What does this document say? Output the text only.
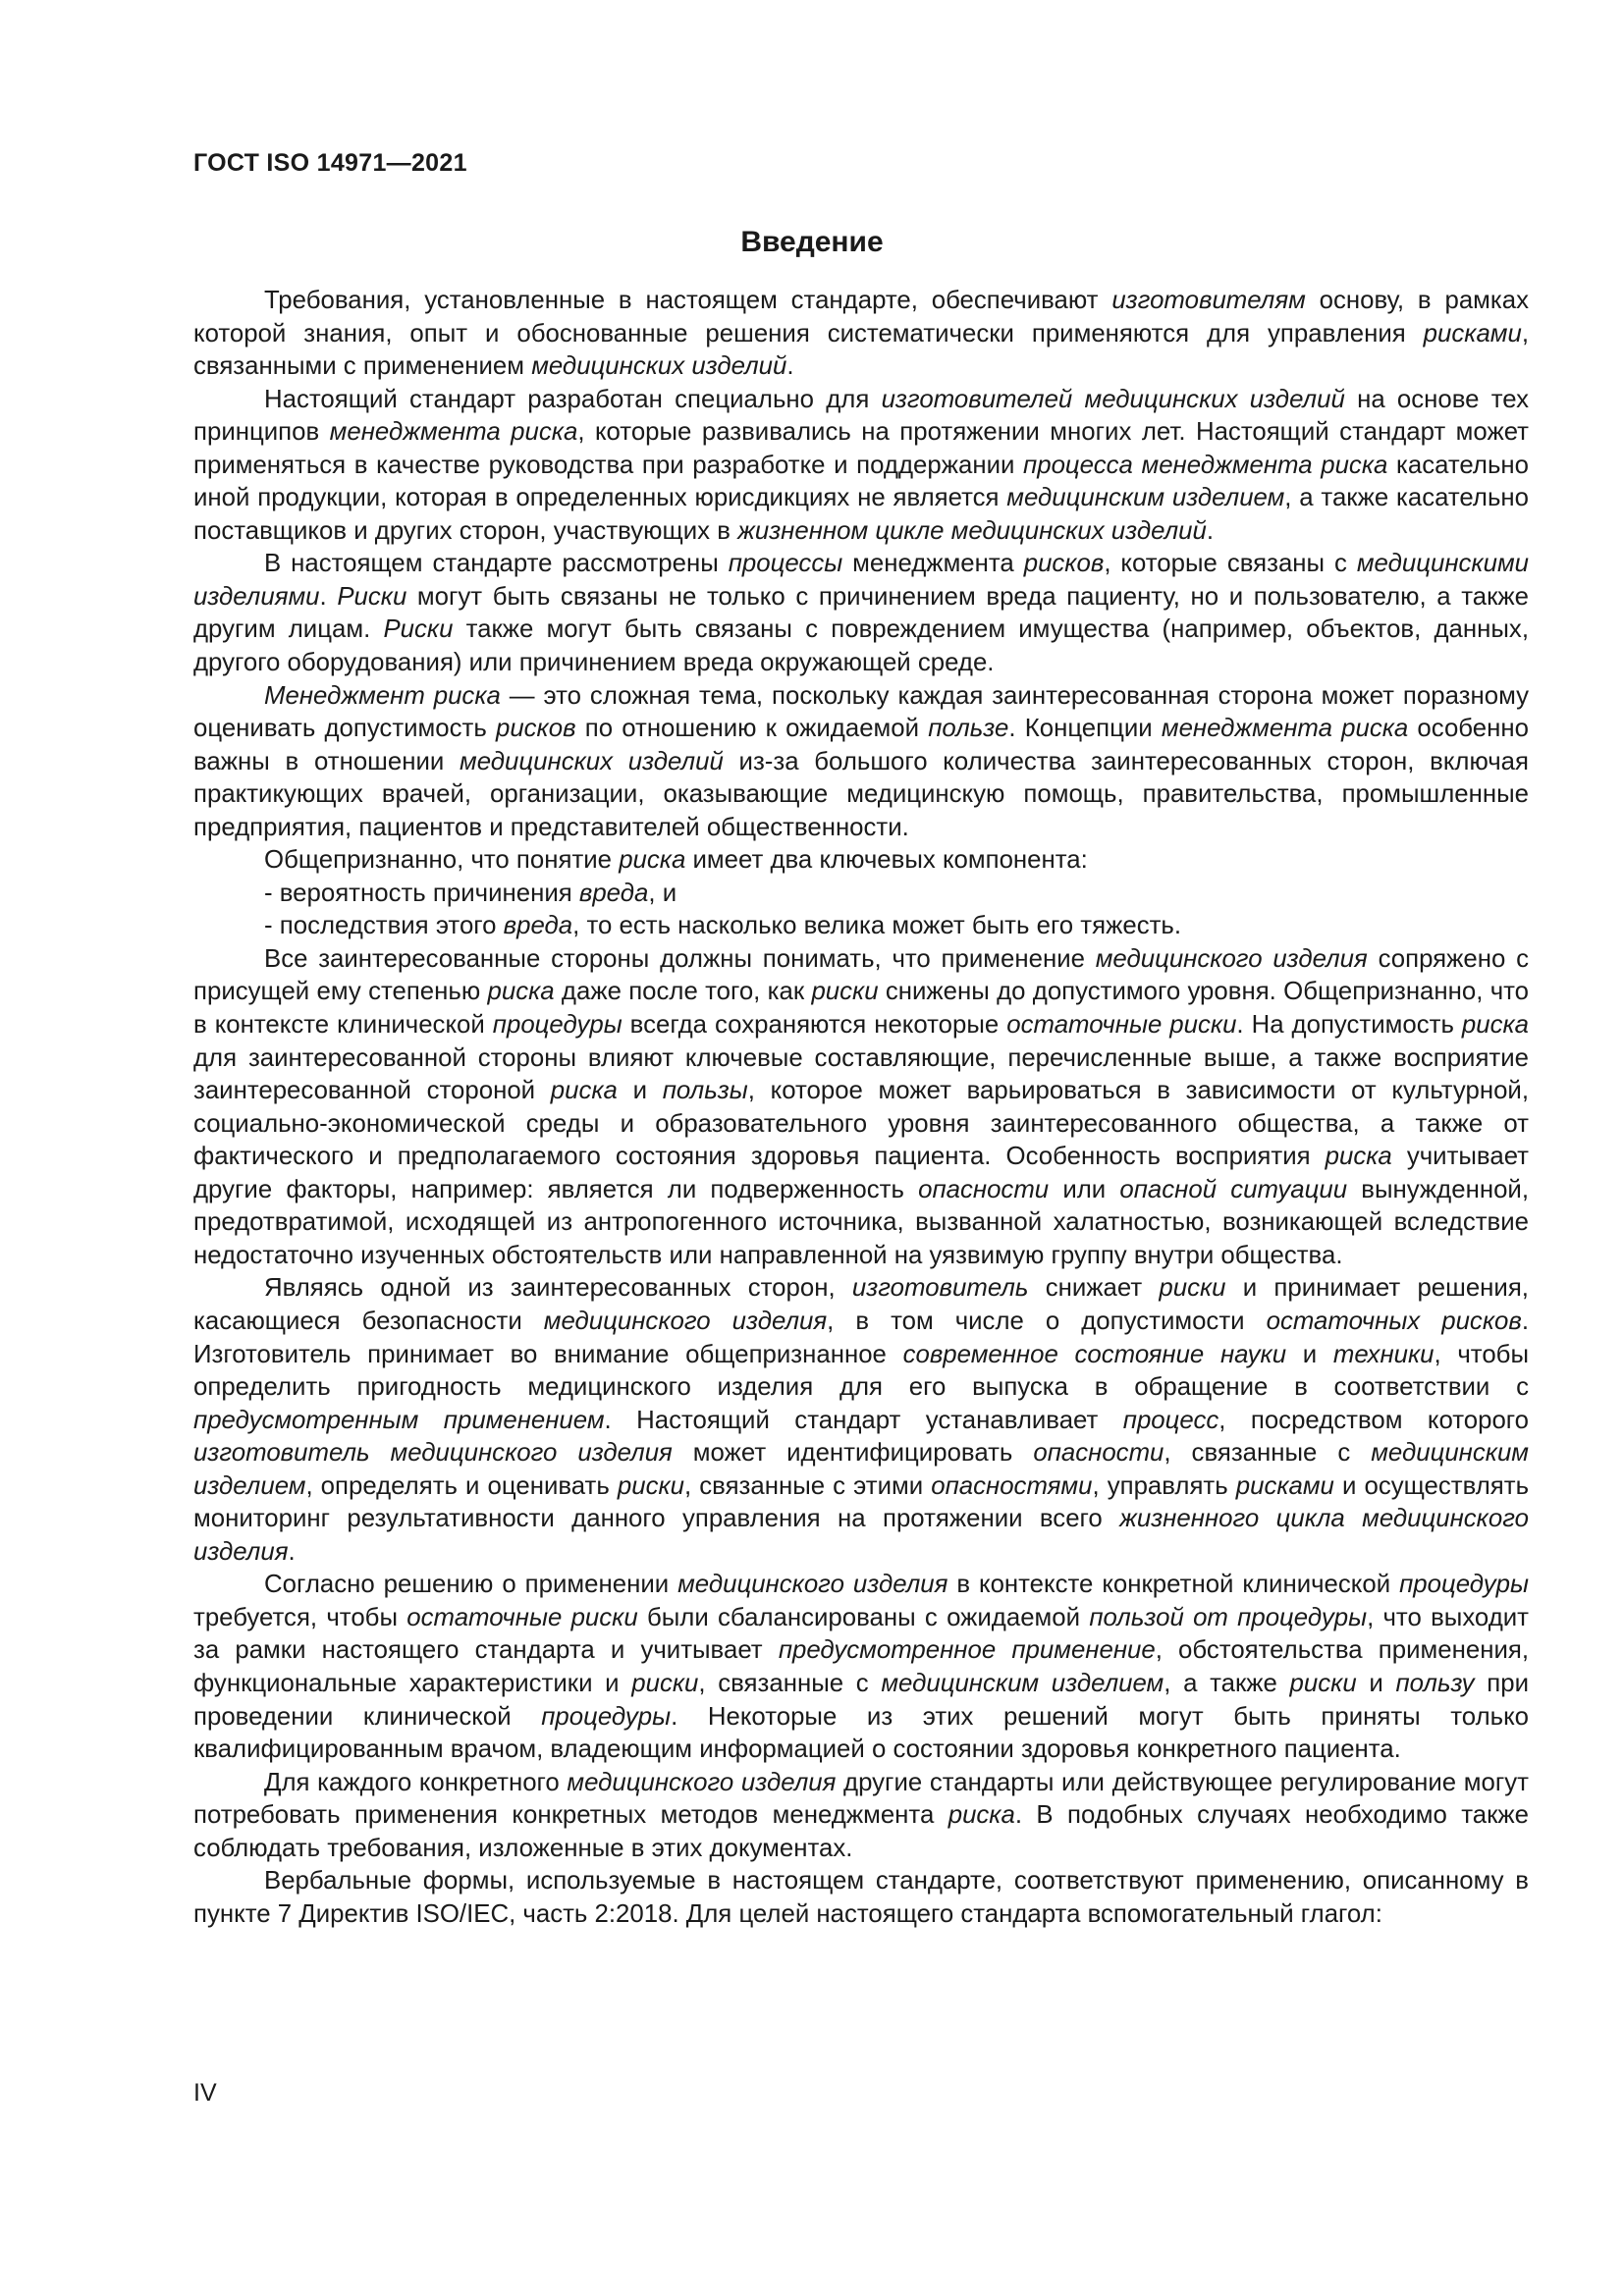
ГОСТ ISO 14971—2021
Введение

Требования, установленные в настоящем стандарте, обеспечивают изготовителям основу, в рамках которой знания, опыт и обоснованные решения систематически применяются для управления рисками, связанными с применением медицинских изделий.

Настоящий стандарт разработан специально для изготовителей медицинских изделий на основе тех принципов менеджмента риска, которые развивались на протяжении многих лет. Настоящий стандарт может применяться в качестве руководства при разработке и поддержании процесса менеджмента риска касательно иной продукции, которая в определенных юрисдикциях не является медицинским изделием, а также касательно поставщиков и других сторон, участвующих в жизненном цикле медицинских изделий.

В настоящем стандарте рассмотрены процессы менеджмента рисков, которые связаны с медицинскими изделиями. Риски могут быть связаны не только с причинением вреда пациенту, но и пользователю, а также другим лицам. Риски также могут быть связаны с повреждением имущества (например, объектов, данных, другого оборудования) или причинением вреда окружающей среде.

Менеджмент риска — это сложная тема, поскольку каждая заинтересованная сторона может поразному оценивать допустимость рисков по отношению к ожидаемой пользе. Концепции менеджмента риска особенно важны в отношении медицинских изделий из-за большого количества заинтересованных сторон, включая практикующих врачей, организации, оказывающие медицинскую помощь, правительства, промышленные предприятия, пациентов и представителей общественности.

Общепризнанно, что понятие риска имеет два ключевых компонента:

- вероятность причинения вреда, и

- последствия этого вреда, то есть насколько велика может быть его тяжесть.

Все заинтересованные стороны должны понимать, что применение медицинского изделия сопряжено с присущей ему степенью риска даже после того, как риски снижены до допустимого уровня. Общепризнанно, что в контексте клинической процедуры всегда сохраняются некоторые остаточные риски. На допустимость риска для заинтересованной стороны влияют ключевые составляющие, перечисленные выше, а также восприятие заинтересованной стороной риска и пользы, которое может варьироваться в зависимости от культурной, социально-экономической среды и образовательного уровня заинтересованного общества, а также от фактического и предполагаемого состояния здоровья пациента. Особенность восприятия риска учитывает другие факторы, например: является ли подверженность опасности или опасной ситуации вынужденной, предотвратимой, исходящей из антропогенного источника, вызванной халатностью, возникающей вследствие недостаточно изученных обстоятельств или направленной на уязвимую группу внутри общества.

Являясь одной из заинтересованных сторон, изготовитель снижает риски и принимает решения, касающиеся безопасности медицинского изделия, в том числе о допустимости остаточных рисков. Изготовитель принимает во внимание общепризнанное современное состояние науки и техники, чтобы определить пригодность медицинского изделия для его выпуска в обращение в соответствии с предусмотренным применением. Настоящий стандарт устанавливает процесс, посредством которого изготовитель медицинского изделия может идентифицировать опасности, связанные с медицинским изделием, определять и оценивать риски, связанные с этими опасностями, управлять рисками и осуществлять мониторинг результативности данного управления на протяжении всего жизненного цикла медицинского изделия.

Согласно решению о применении медицинского изделия в контексте конкретной клинической процедуры требуется, чтобы остаточные риски были сбалансированы с ожидаемой пользой от процедуры, что выходит за рамки настоящего стандарта и учитывает предусмотренное применение, обстоятельства применения, функциональные характеристики и риски, связанные с медицинским изделием, а также риски и пользу при проведении клинической процедуры. Некоторые из этих решений могут быть приняты только квалифицированным врачом, владеющим информацией о состоянии здоровья конкретного пациента.

Для каждого конкретного медицинского изделия другие стандарты или действующее регулирование могут потребовать применения конкретных методов менеджмента риска. В подобных случаях необходимо также соблюдать требования, изложенные в этих документах.

Вербальные формы, используемые в настоящем стандарте, соответствуют применению, описанному в пункте 7 Директив ISO/IEC, часть 2:2018. Для целей настоящего стандарта вспомогательный глагол:

IV
